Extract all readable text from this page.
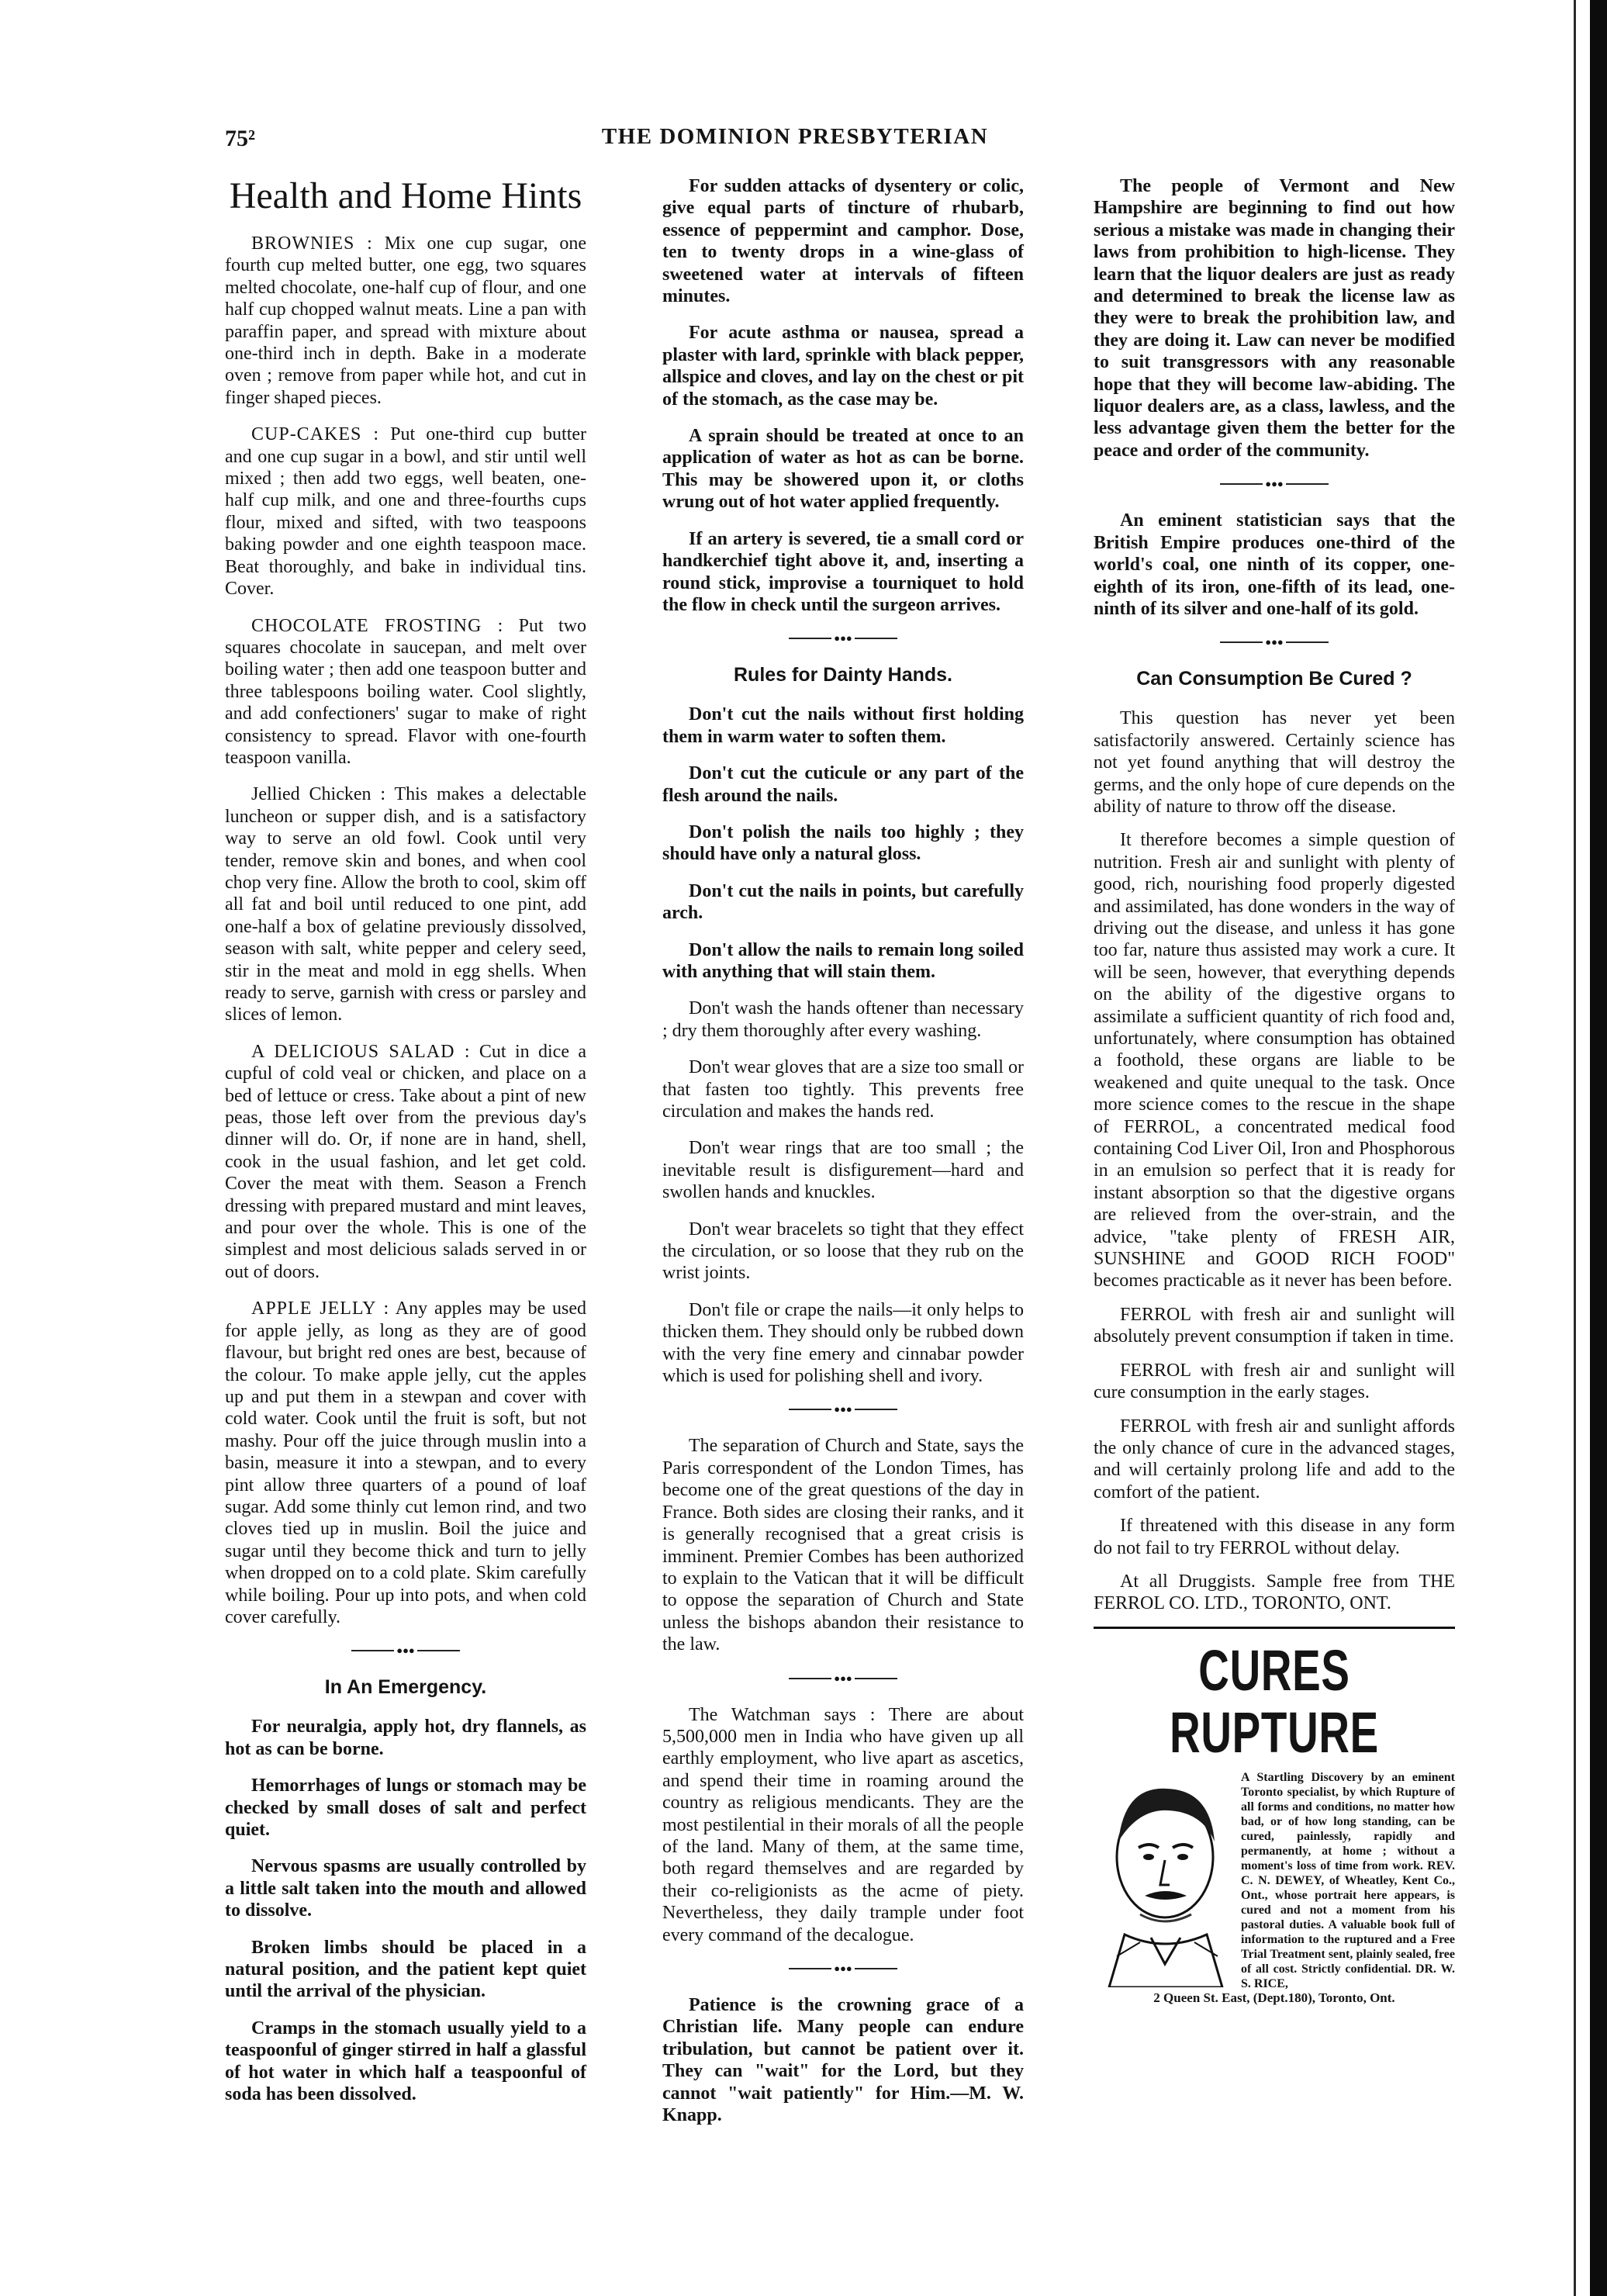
75²	THE DOMINION PRESBYTERIAN
Health and Home Hints

BROWNIES : Mix one cup sugar, one fourth cup melted butter, one egg, two squares melted chocolate, one-half cup of flour, and one half cup chopped walnut meats. Line a pan with paraffin paper, and spread with mixture about one-third inch in depth. Bake in a moderate oven ; remove from paper while hot, and cut in finger shaped pieces.

CUP-CAKES : Put one-third cup butter and one cup sugar in a bowl, and stir until well mixed ; then add two eggs, well beaten, one-half cup milk, and one and three-fourths cups flour, mixed and sifted, with two teaspoons baking powder and one eighth teaspoon mace. Beat thoroughly, and bake in individual tins. Cover.

CHOCOLATE FROSTING : Put two squares chocolate in saucepan, and melt over boiling water ; then add one teaspoon butter and three tablespoons boiling water. Cool slightly, and add confectioners' sugar to make of right consistency to spread. Flavor with one-fourth teaspoon vanilla.

Jellied Chicken : This makes a delectable luncheon or supper dish, and is a satisfactory way to serve an old fowl. Cook until very tender, remove skin and bones, and when cool chop very fine. Allow the broth to cool, skim off all fat and boil until reduced to one pint, add one-half a box of gelatine previously dissolved, season with salt, white pepper and celery seed, stir in the meat and mold in egg shells. When ready to serve, garnish with cress or parsley and slices of lemon.

A DELICIOUS SALAD : Cut in dice a cupful of cold veal or chicken, and place on a bed of lettuce or cress. Take about a pint of new peas, those left over from the previous day's dinner will do. Or, if none are in hand, shell, cook in the usual fashion, and let get cold. Cover the meat with them. Season a French dressing with prepared mustard and mint leaves, and pour over the whole. This is one of the simplest and most delicious salads served in or out of doors.

APPLE JELLY : Any apples may be used for apple jelly, as long as they are of good flavour, but bright red ones are best, because of the colour. To make apple jelly, cut the apples up and put them in a stewpan and cover with cold water. Cook until the fruit is soft, but not mashy. Pour off the juice through muslin into a basin, measure it into a stewpan, and to every pint allow three quarters of a pound of loaf sugar. Add some thinly cut lemon rind, and two cloves tied up in muslin. Boil the juice and sugar until they become thick and turn to jelly when dropped on to a cold plate. Skim carefully while boiling. Pour up into pots, and when cold cover carefully.

●●●
In An Emergency.

For neuralgia, apply hot, dry flannels, as hot as can be borne.

Hemorrhages of lungs or stomach may be checked by small doses of salt and perfect quiet.

Nervous spasms are usually controlled by a little salt taken into the mouth and allowed to dissolve.

Broken limbs should be placed in a natural position, and the patient kept quiet until the arrival of the physician.

Cramps in the stomach usually yield to a teaspoonful of ginger stirred in half a glassful of hot water in which half a teaspoonful of soda has been dissolved.

For sudden attacks of dysentery or colic, give equal parts of tincture of rhubarb, essence of peppermint and camphor. Dose, ten to twenty drops in a wine-glass of sweetened water at intervals of fifteen minutes.

For acute asthma or nausea, spread a plaster with lard, sprinkle with black pepper, allspice and cloves, and lay on the chest or pit of the stomach, as the case may be.

A sprain should be treated at once to an application of water as hot as can be borne. This may be showered upon it, or cloths wrung out of hot water applied frequently.

If an artery is severed, tie a small cord or handkerchief tight above it, and, inserting a round stick, improvise a tourniquet to hold the flow in check until the surgeon arrives.

●●●
Rules for Dainty Hands.

Don't cut the nails without first holding them in warm water to soften them.

Don't cut the cuticule or any part of the flesh around the nails.

Don't polish the nails too highly ; they should have only a natural gloss.

Don't cut the nails in points, but carefully arch.

Don't allow the nails to remain long soiled with anything that will stain them.

Don't wash the hands oftener than necessary ; dry them thoroughly after every washing.

Don't wear gloves that are a size too small or that fasten too tightly. This prevents free circulation and makes the hands red.

Don't wear rings that are too small ; the inevitable result is disfigurement—hard and swollen hands and knuckles.

Don't wear bracelets so tight that they effect the circulation, or so loose that they rub on the wrist joints.

Don't file or crape the nails—it only helps to thicken them. They should only be rubbed down with the very fine emery and cinnabar powder which is used for polishing shell and ivory.

●●●

The separation of Church and State, says the Paris correspondent of the London Times, has become one of the great questions of the day in France. Both sides are closing their ranks, and it is generally recognised that a great crisis is imminent. Premier Combes has been authorized to explain to the Vatican that it will be difficult to oppose the separation of Church and State unless the bishops abandon their resistance to the law.

●●●

The Watchman says : There are about 5,500,000 men in India who have given up all earthly employment, who live apart as ascetics, and spend their time in roaming around the country as religious mendicants. They are the most pestilential in their morals of all the people of the land. Many of them, at the same time, both regard themselves and are regarded by their co-religionists as the acme of piety. Nevertheless, they daily trample under foot every command of the decalogue.

●●●

Patience is the crowning grace of a Christian life. Many people can endure tribulation, but cannot be patient over it. They can "wait" for the Lord, but they cannot "wait patiently" for Him.—M. W. Knapp.

The people of Vermont and New Hampshire are beginning to find out how serious a mistake was made in changing their laws from prohibition to high-license. They learn that the liquor dealers are just as ready and determined to break the license law as they were to break the prohibition law, and they are doing it. Law can never be modified to suit transgressors with any reasonable hope that they will become law-abiding. The liquor dealers are, as a class, lawless, and the less advantage given them the better for the peace and order of the community.

●●●

An eminent statistician says that the British Empire produces one-third of the world's coal, one ninth of its copper, one-eighth of its iron, one-fifth of its lead, one-ninth of its silver and one-half of its gold.

●●●
Can Consumption Be Cured ?

This question has never yet been satisfactorily answered. Certainly science has not yet found anything that will destroy the germs, and the only hope of cure depends on the ability of nature to throw off the disease.

It therefore becomes a simple question of nutrition. Fresh air and sunlight with plenty of good, rich, nourishing food properly digested and assimilated, has done wonders in the way of driving out the disease, and unless it has gone too far, nature thus assisted may work a cure. It will be seen, however, that everything depends on the ability of the digestive organs to assimilate a sufficient quantity of rich food and, unfortunately, where consumption has obtained a foothold, these organs are liable to be weakened and quite unequal to the task. Once more science comes to the rescue in the shape of FERROL, a concentrated medical food containing Cod Liver Oil, Iron and Phosphorous in an emulsion so perfect that it is ready for instant absorption so that the digestive organs are relieved from the over-strain, and the advice, "take plenty of FRESH AIR, SUNSHINE and GOOD RICH FOOD" becomes practicable as it never has been before.

FERROL with fresh air and sunlight will absolutely prevent consumption if taken in time.

FERROL with fresh air and sunlight will cure consumption in the early stages.

FERROL with fresh air and sunlight affords the only chance of cure in the advanced stages, and will certainly prolong life and add to the comfort of the patient.

If threatened with this disease in any form do not fail to try FERROL without delay.

At all Druggists. Sample free from THE FERROL CO. LTD., TORONTO, ONT.

CURES RUPTURE
A Startling Discovery by an eminent Toronto specialist, by which Rupture of all forms and conditions, no matter how bad, or of how long standing, can be cured, painlessly, rapidly and permanently, at home ; without a moment's loss of time from work. REV. C. N. DEWEY, of Wheatley, Kent Co., Ont., whose portrait here appears, is cured and not a moment from his pastoral duties. A valuable book full of information to the ruptured and a Free Trial Treatment sent, plainly sealed, free of all cost. Strictly confidential. DR. W. S. RICE,
2 Queen St. East, (Dept.180), Toronto, Ont.
